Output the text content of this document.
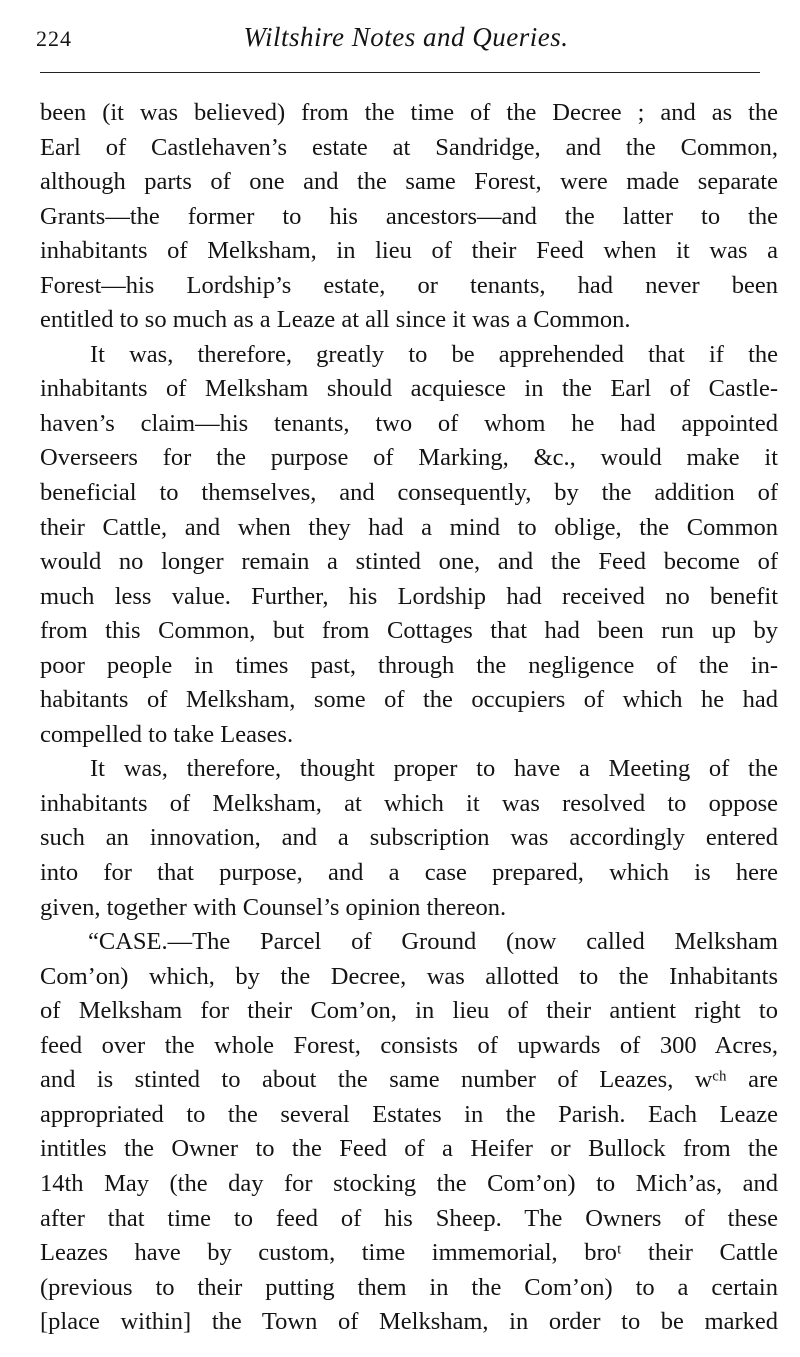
224	Wiltshire Notes and Queries.
been (it was believed) from the time of the Decree ; and as the
Earl of Castlehaven’s estate at Sandridge, and the Common,
although parts of one and the same Forest, were made separate
Grants—the former to his ancestors—and the latter to the
inhabitants of Melksham, in lieu of their Feed when it was a
Forest—his Lordship’s estate, or tenants, had never been
entitled to so much as a Leaze at all since it was a Common.
It was, therefore, greatly to be apprehended that if the
inhabitants of Melksham should acquiesce in the Earl of Castle-
haven’s claim—his tenants, two of whom he had appointed
Overseers for the purpose of Marking, &c., would make it
beneficial to themselves, and consequently, by the addition of
their Cattle, and when they had a mind to oblige, the Common
would no longer remain a stinted one, and the Feed become of
much less value. Further, his Lordship had received no benefit
from this Common, but from Cottages that had been run up by
poor people in times past, through the negligence of the in-
habitants of Melksham, some of the occupiers of which he had
compelled to take Leases.
It was, therefore, thought proper to have a Meeting of the
inhabitants of Melksham, at which it was resolved to oppose
such an innovation, and a subscription was accordingly entered
into for that purpose, and a case prepared, which is here
given, together with Counsel’s opinion thereon.
“CASE.—The Parcel of Ground (now called Melksham
Com’on) which, by the Decree, was allotted to the Inhabitants
of Melksham for their Com’on, in lieu of their antient right to
feed over the whole Forest, consists of upwards of 300 Acres,
and is stinted to about the same number of Leazes, wᶜʰ are
appropriated to the several Estates in the Parish. Each Leaze
intitles the Owner to the Feed of a Heifer or Bullock from the
14th May (the day for stocking the Com’on) to Mich’as, and
after that time to feed of his Sheep. The Owners of these
Leazes have by custom, time immemorial, broᵗ their Cattle
(previous to their putting them in the Com’on) to a certain
[place within] the Town of Melksham, in order to be marked
